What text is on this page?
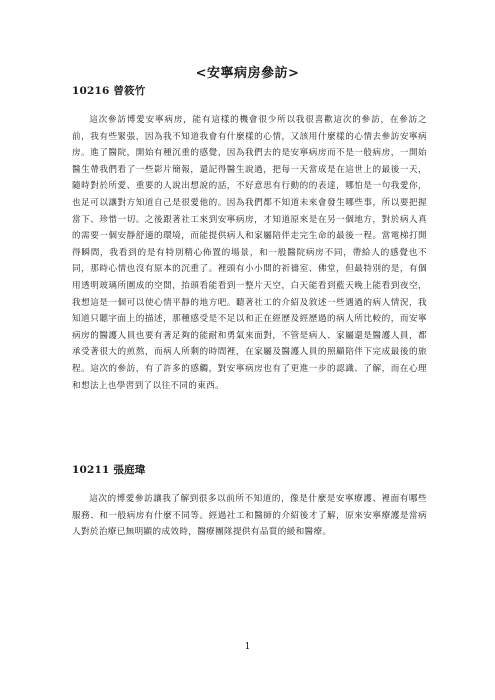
<安寧病房參訪>
10216 曾筱竹
這次參訪博愛安寧病房，能有這樣的機會很少所以我很喜歡這次的參訪，在參訪之前，我有些緊張，因為我不知道我會有什麼樣的心情，又該用什麼樣的心情去參訪安寧病房。進了醫院，開始有種沉重的感覺，因為我們去的是安寧病房而不是一般病房，一開始醫生帶我們看了一些影片簡報，還記得醫生說過，把每一天當成是在這世上的最後一天，隨時對於所愛、重要的人說出想說的話，不好意思有行動的的表達，哪怕是一句我愛你，也足可以讓對方知道自己是很愛他的。因為我們都不知道未來會發生哪些事，所以要把握當下、珍惜一切。之後跟著社工來到安寧病房，才知道原來是在另一個地方，對於病人真的需要一個安靜舒適的環境，而能提供病人和家屬陪伴走完生命的最後一程。當電梯打開得瞬間，我看到的是有特別精心佈置的場景，和一般醫院病房不同，帶給人的感覺也不同，那時心情也沒有原本的沉重了。裡頭有小小間的祈禱室、佛堂，但最特別的是，有個用透明玻璃所圍成的空間，抬頭看能看到一整片天空，白天能看到藍天晚上能看到夜空，我想這是一個可以使心情平靜的地方吧。聽著社工的介紹及敘述一些遇過的病人情況，我知道只聽字面上的描述，那種感受是不足以和正在經歷及經歷過的病人所比較的，而安寧病房的醫護人員也要有著足夠的能耐和勇氣來面對，不管是病人、家屬還是醫護人員，都承受著很大的煎熬，而病人所剩的時間裡，在家屬及醫護人員的照顧陪伴下完成最後的旅程。這次的參訪，有了許多的感觸，對安寧病房也有了更進一步的認識、了解，而在心理和想法上也學習到了以往不同的東西。
10211 張庭瑋
這次的博愛參訪讓我了解到很多以前所不知道的，像是什麼是安寧療護、裡面有哪些服務、和一般病房有什麼不同等。經過社工和醫師的介紹後才了解，原來安寧療護是當病人對於治療已無明顯的成效時，醫療團隊提供有品質的緩和醫療。
1
